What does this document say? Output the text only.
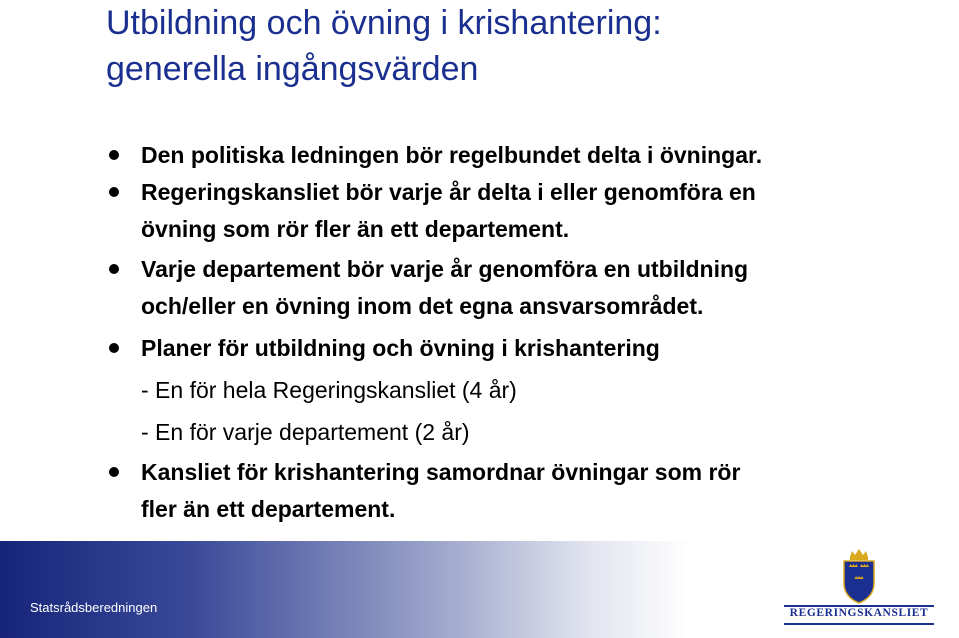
Utbildning och övning i krishantering:
generella ingångsvärden
Den politiska ledningen bör regelbundet delta i övningar.
Regeringskansliet bör varje år delta i eller genomföra en
övning som rör fler än ett departement.
Varje departement bör varje år genomföra en utbildning
och/eller en övning inom det egna ansvarsområdet.
Planer för utbildning och övning i krishantering
- En för hela Regeringskansliet (4 år)
- En för varje departement (2 år)
Kansliet för krishantering samordnar övningar som rör
fler än ett departement.
Statsrådsberedningen	REGERINGSKANSLIET
